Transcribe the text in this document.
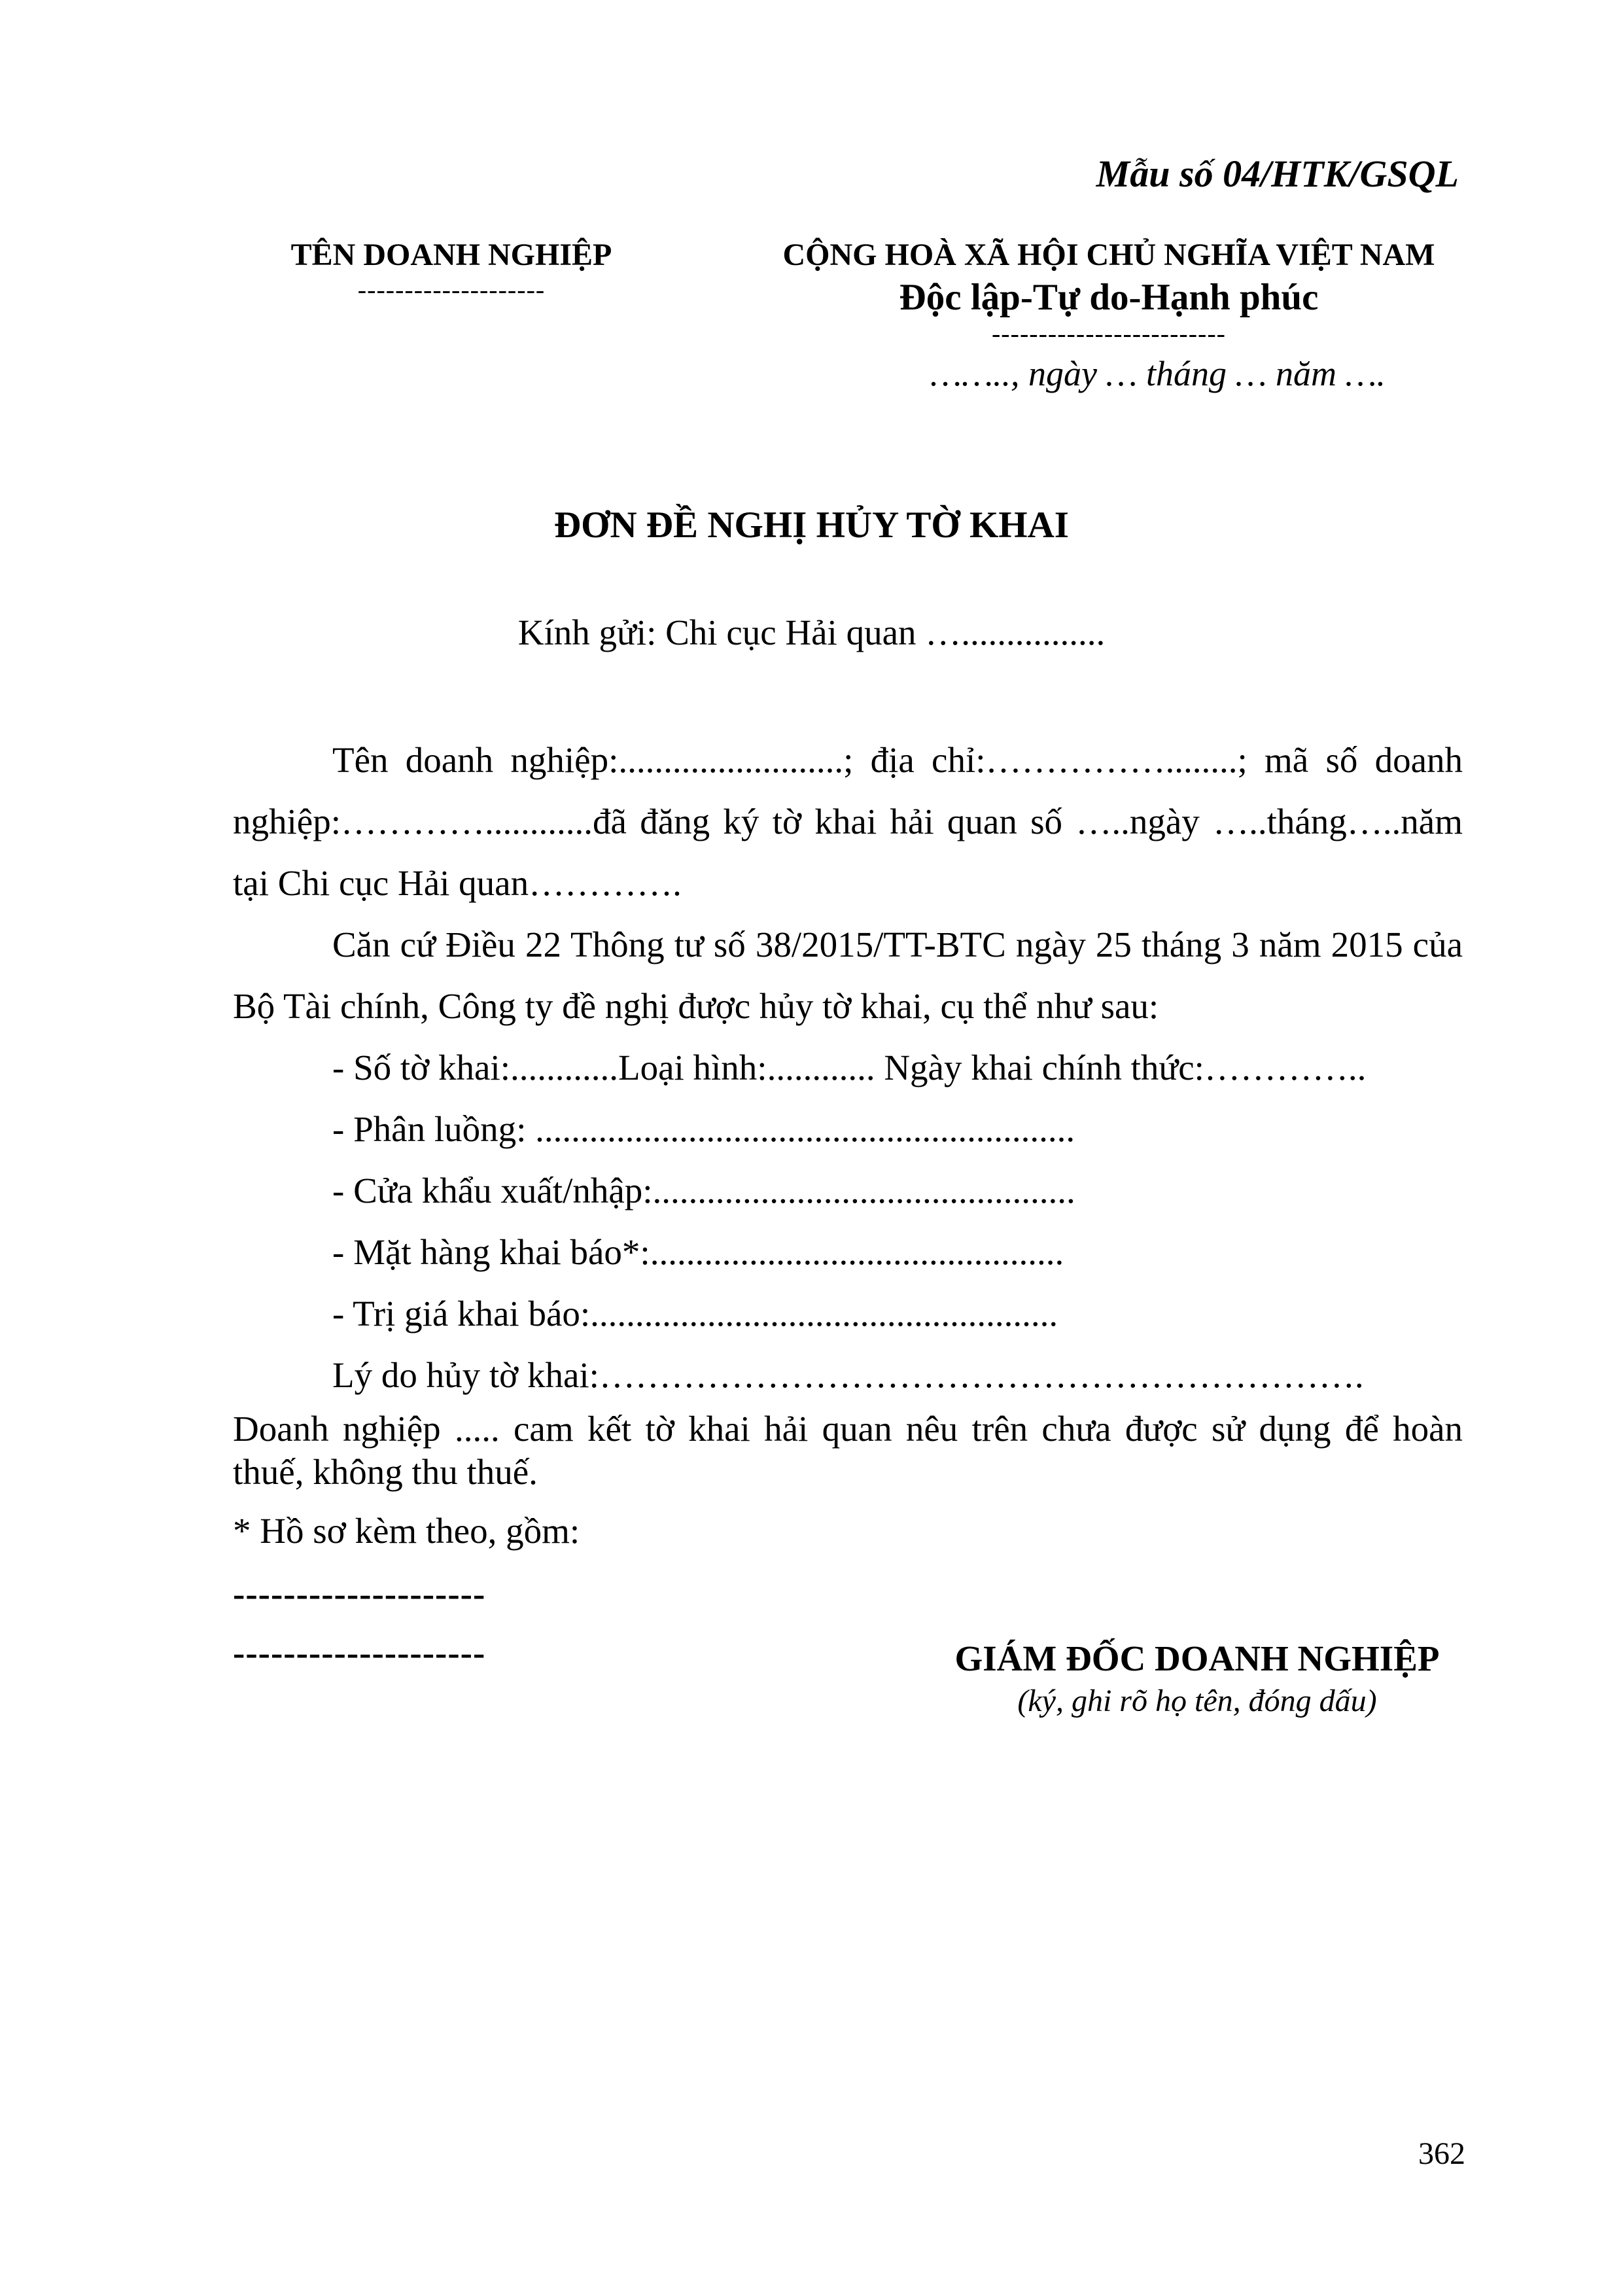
Mẫu số 04/HTK/GSQL
TÊN DOANH NGHIỆP
--------------------
CỘNG HOÀ XÃ HỘI CHỦ NGHĨA VIỆT NAM
Độc lập-Tự do-Hạnh phúc
-------------------------
…….., ngày … tháng … năm ….
ĐƠN ĐỀ NGHỊ HỦY TỜ KHAI
Kính gửi: Chi cục Hải quan …................

Tên doanh nghiệp:.........................; địa chỉ:……………........; mã số doanh nghiệp:…………............đã đăng ký tờ khai hải quan số …..ngày …..tháng…..năm tại Chi cục Hải quan………….

Căn cứ Điều 22 Thông tư số 38/2015/TT-BTC ngày 25 tháng 3 năm 2015 của Bộ Tài chính, Công ty đề nghị được hủy tờ khai, cụ thể như sau:

- Số tờ khai:............Loại hình:............ Ngày khai chính thức:…………..
- Phân luồng: ............................................................
- Cửa khẩu xuất/nhập:...............................................
- Mặt hàng khai báo*:..............................................
- Trị giá khai báo:....................................................
Lý do hủy tờ khai:……………………………………………………….

Doanh nghiệp ..... cam kết tờ khai hải quan nêu trên chưa được sử dụng để hoàn thuế, không thu thuế.

* Hồ sơ kèm theo, gồm:

--------------------
--------------------	GIÁM ĐỐC DOANH NGHIỆP
(ký, ghi rõ họ tên, đóng dấu)
362
